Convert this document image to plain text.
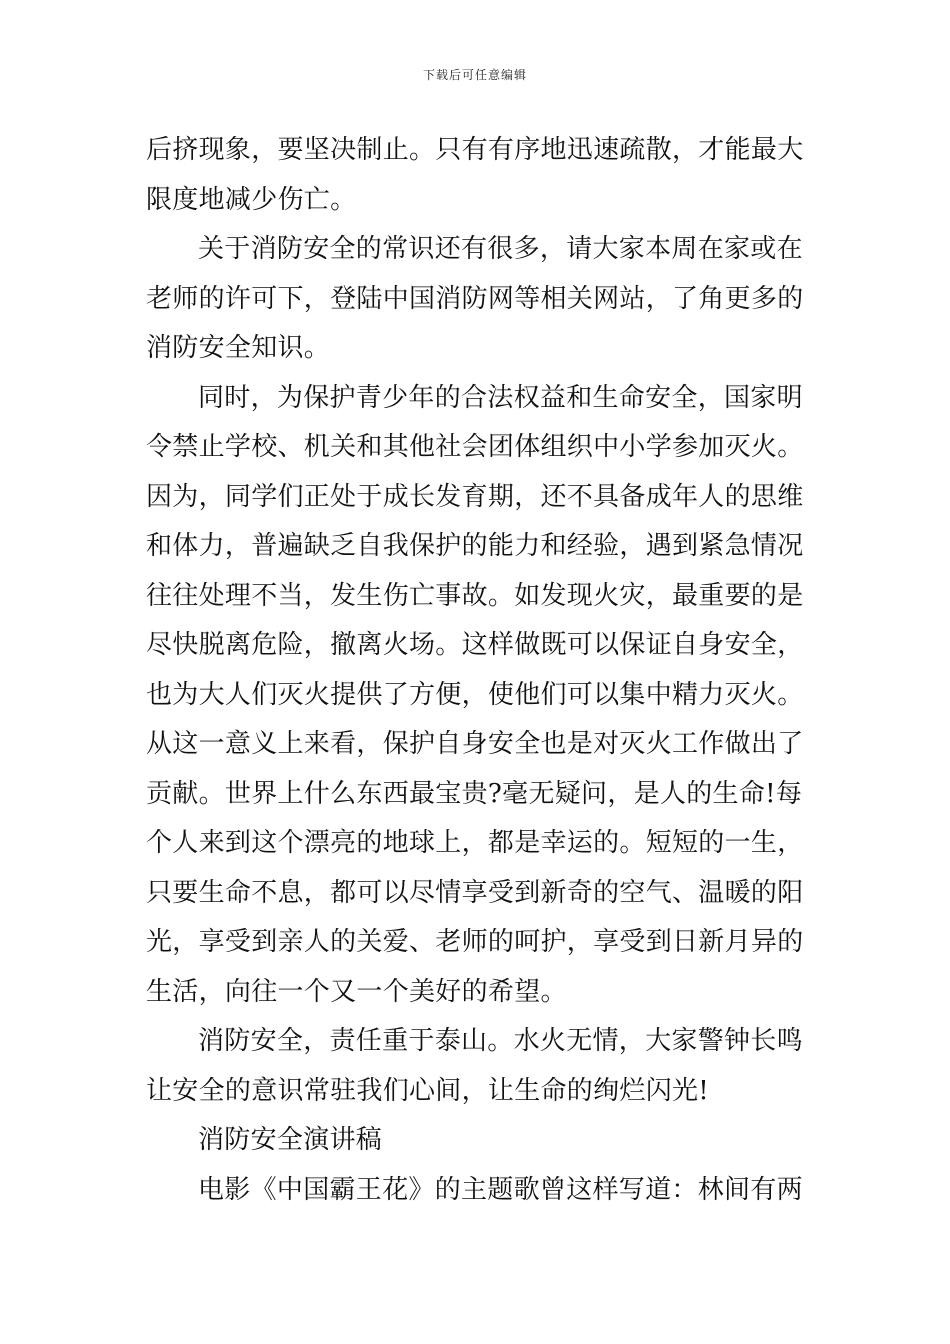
下载后可任意编辑
后挤现象，要坚决制止。只有有序地迅速疏散，才能最大
限度地减少伤亡。
关于消防安全的常识还有很多，请大家本周在家或在
老师的许可下，登陆中国消防网等相关网站，了角更多的
消防安全知识。
同时，为保护青少年的合法权益和生命安全，国家明
令禁止学校、机关和其他社会团体组织中小学参加灭火。
因为，同学们正处于成长发育期，还不具备成年人的思维
和体力，普遍缺乏自我保护的能力和经验，遇到紧急情况
往往处理不当，发生伤亡事故。如发现火灾，最重要的是
尽快脱离危险，撤离火场。这样做既可以保证自身安全，
也为大人们灭火提供了方便，使他们可以集中精力灭火。
从这一意义上来看，保护自身安全也是对灭火工作做出了
贡献。世界上什么东西最宝贵?毫无疑问，是人的生命!每
个人来到这个漂亮的地球上，都是幸运的。短短的一生，
只要生命不息，都可以尽情享受到新奇的空气、温暖的阳
光，享受到亲人的关爱、老师的呵护，享受到日新月异的
生活，向往一个又一个美好的希望。
消防安全，责任重于泰山。水火无情，大家警钟长鸣
让安全的意识常驻我们心间，让生命的绚烂闪光!
消防安全演讲稿
电影《中国霸王花》的主题歌曾这样写道：林间有两
